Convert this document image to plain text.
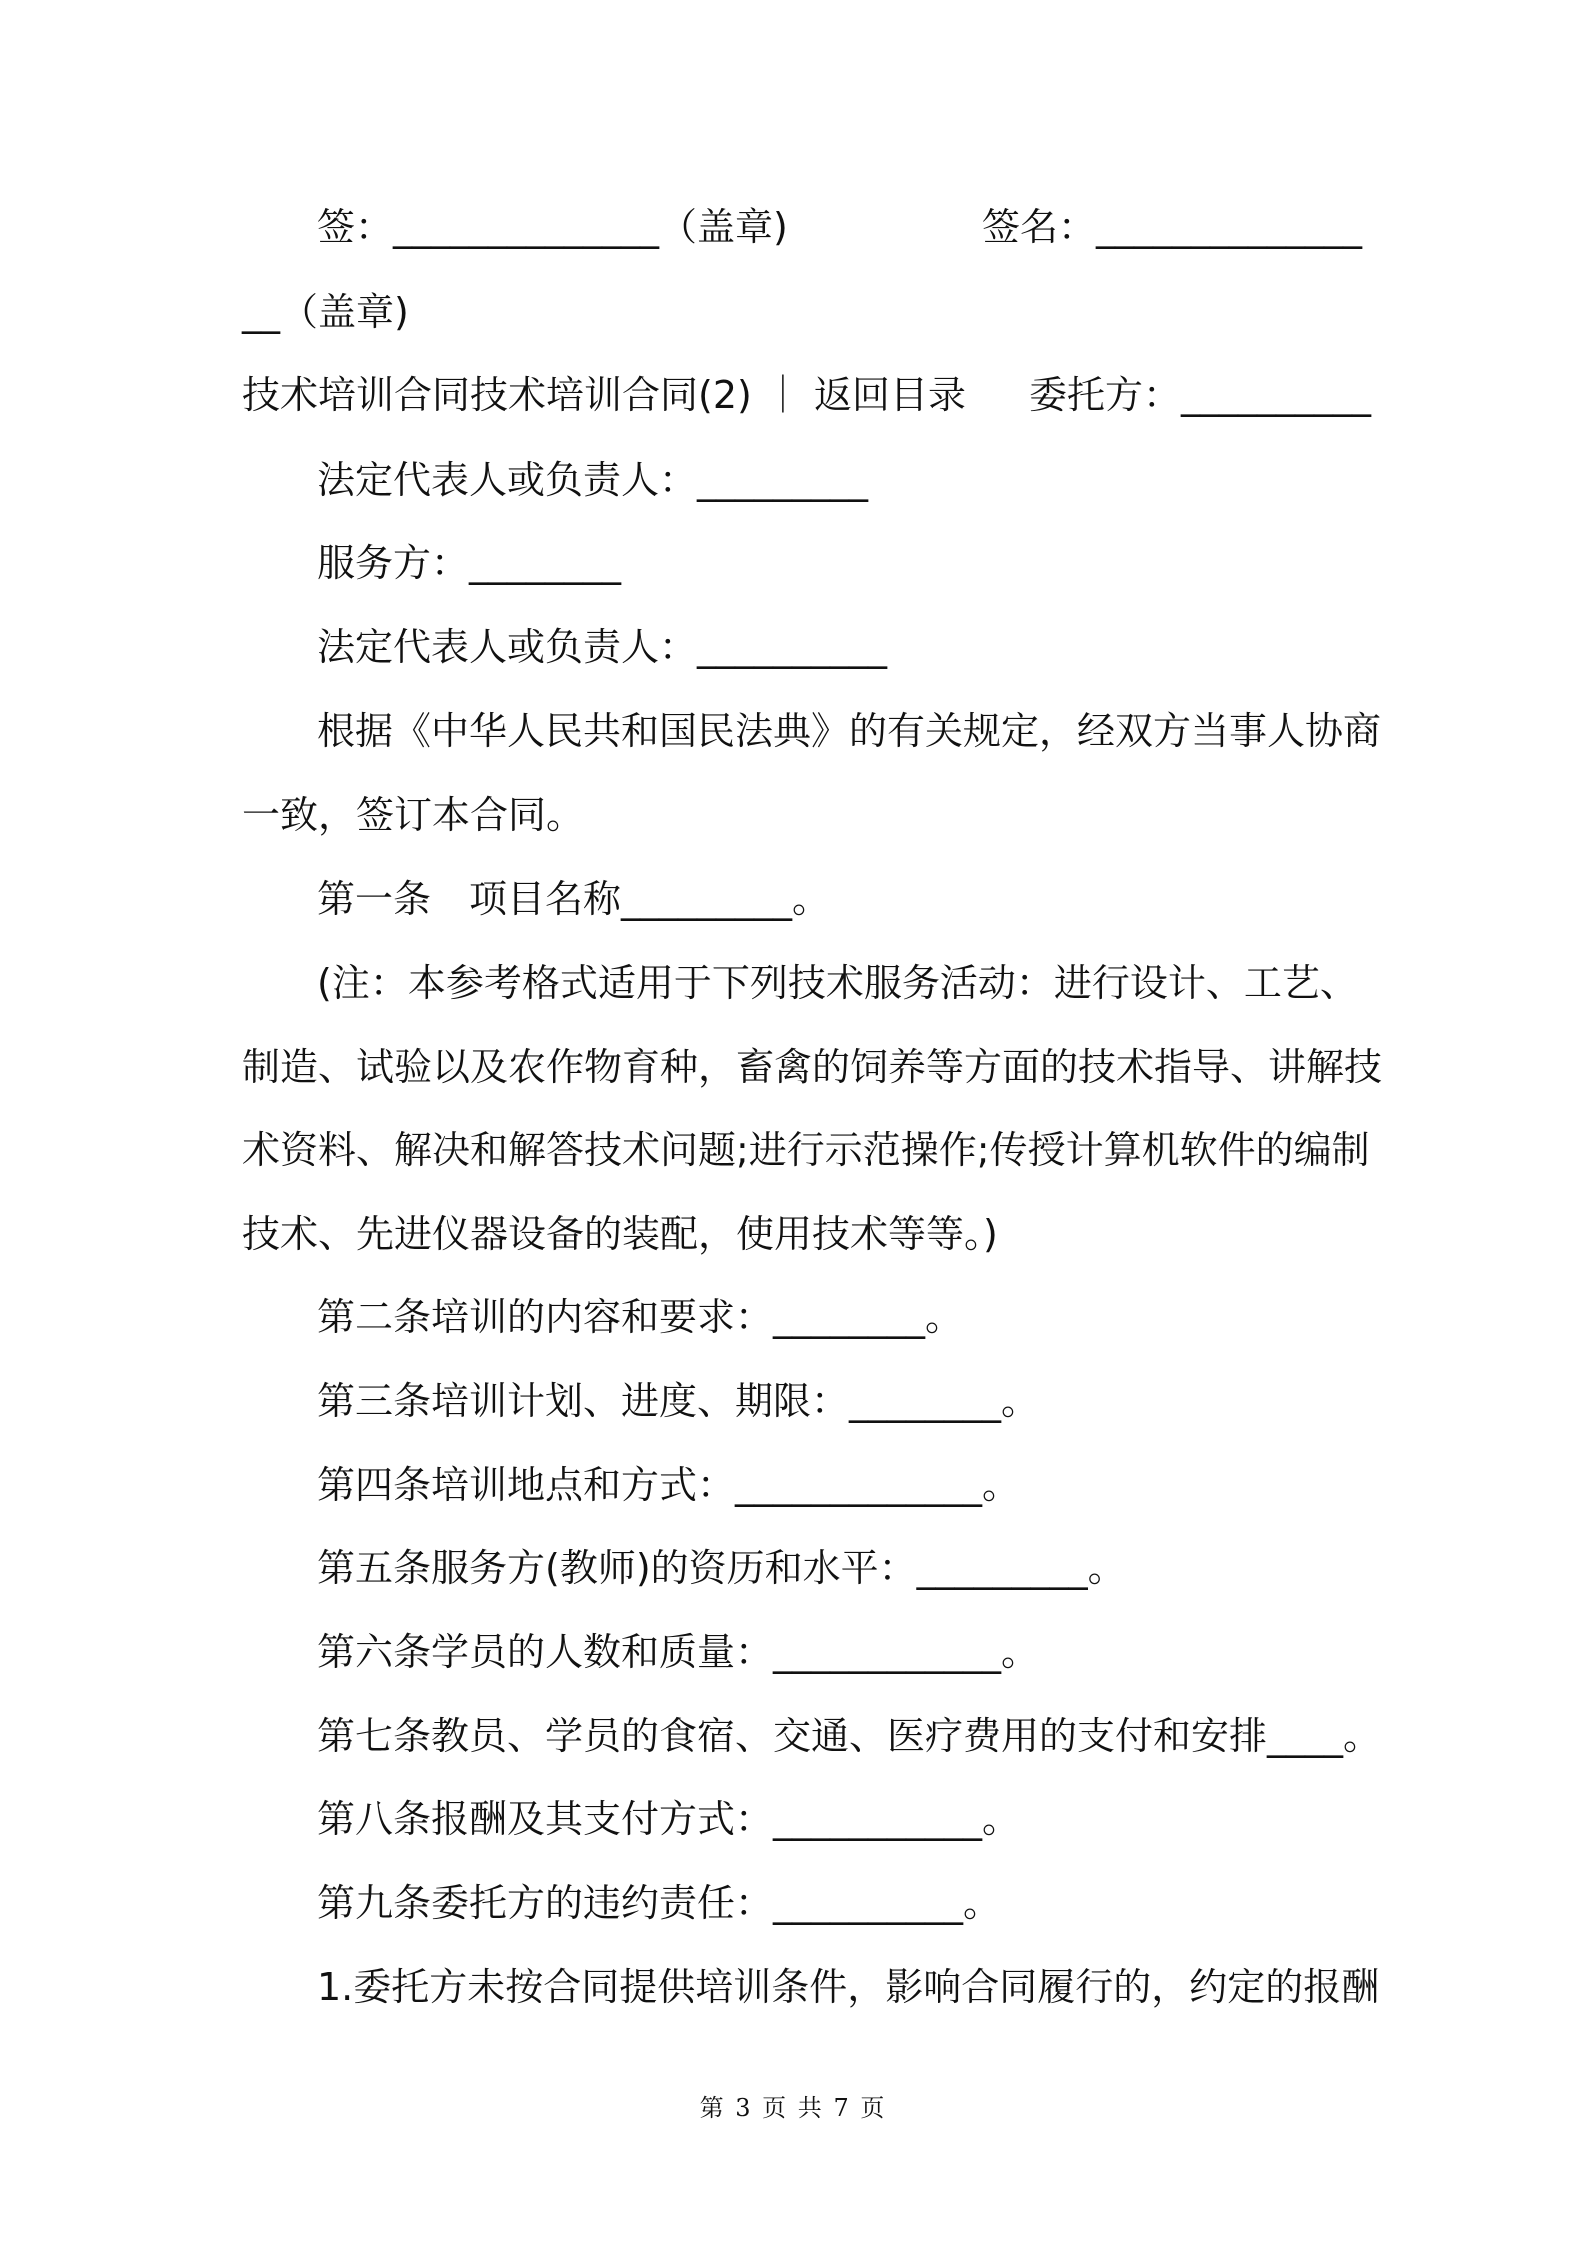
签：______________（盖章)	签名：______________
__（盖章)
技术培训合同技术培训合同(2) ｜ 返回目录 委托方：__________
法定代表人或负责人：_________
服务方：________
法定代表人或负责人：__________
根据《中华人民共和国民法典》的有关规定，经双方当事人协商
一致，签订本合同。
第一条　项目名称_________。
(注：本参考格式适用于下列技术服务活动：进行设计、工艺、
制造、试验以及农作物育种，畜禽的饲养等方面的技术指导、讲解技
术资料、解决和解答技术问题;进行示范操作;传授计算机软件的编制
技术、先进仪器设备的装配，使用技术等等。)
第二条培训的内容和要求：________。
第三条培训计划、进度、期限：________。
第四条培训地点和方式：_____________。
第五条服务方(教师)的资历和水平：_________。
第六条学员的人数和质量：____________。
第七条教员、学员的食宿、交通、医疗费用的支付和安排____。
第八条报酬及其支付方式：___________。
第九条委托方的违约责任：__________。
1.委托方未按合同提供培训条件，影响合同履行的，约定的报酬
第 3 页 共 7 页
